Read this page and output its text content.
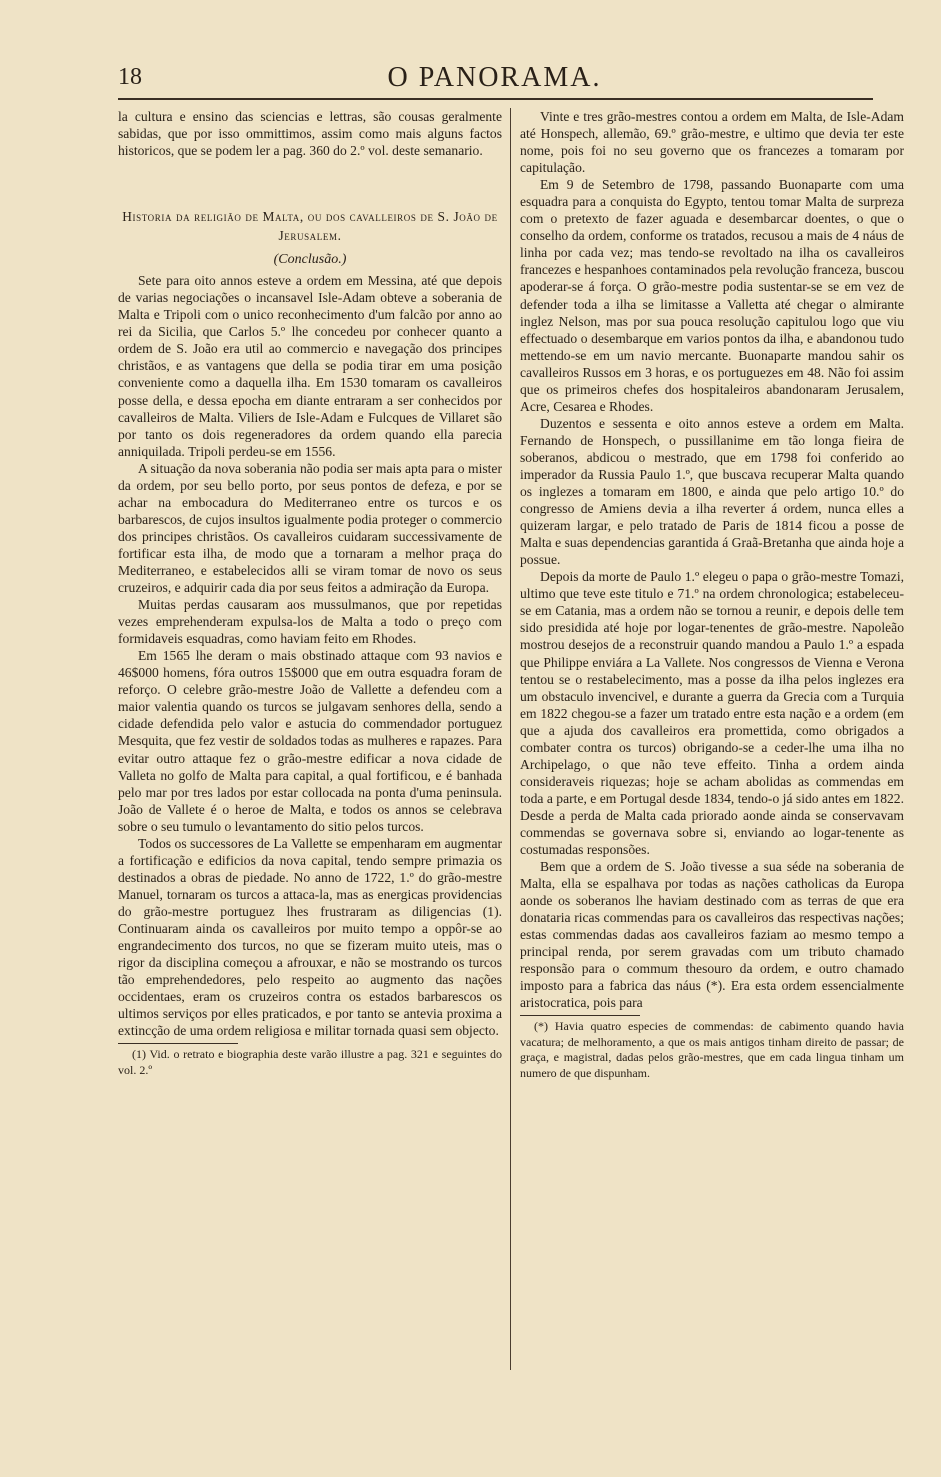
18	O PANORAMA.

la cultura e ensino das sciencias e lettras, são cousas geralmente sabidas, que por isso ommittimos, assim como mais alguns factos historicos, que se podem ler a pag. 360 do 2.º vol. deste semanario.

Historia da religião de Malta, ou dos cavalleiros de S. João de Jerusalem.

(Conclusão.)

Sete para oito annos esteve a ordem em Messina, até que depois de varias negociações o incansavel Isle-Adam obteve a soberania de Malta e Tripoli com o unico reconhecimento d'um falcão por anno ao rei da Sicilia, que Carlos 5.º lhe concedeu por conhecer quanto a ordem de S. João era util ao commercio e navegação dos principes christãos, e as vantagens que della se podia tirar em uma posição conveniente como a daquella ilha. Em 1530 tomaram os cavalleiros posse della, e dessa epocha em diante entraram a ser conhecidos por cavalleiros de Malta. Viliers de Isle-Adam e Fulcques de Villaret são por tanto os dois regeneradores da ordem quando ella parecia anniquilada. Tripoli perdeu-se em 1556.

A situação da nova soberania não podia ser mais apta para o mister da ordem, por seu bello porto, por seus pontos de defeza, e por se achar na embocadura do Mediterraneo entre os turcos e os barbarescos, de cujos insultos igualmente podia proteger o commercio dos principes christãos. Os cavalleiros cuidaram successivamente de fortificar esta ilha, de modo que a tornaram a melhor praça do Mediterraneo, e estabelecidos alli se viram tomar de novo os seus cruzeiros, e adquirir cada dia por seus feitos a admiração da Europa.

Muitas perdas causaram aos mussulmanos, que por repetidas vezes emprehenderam expulsa-los de Malta a todo o preço com formidaveis esquadras, como haviam feito em Rhodes.

Em 1565 lhe deram o mais obstinado attaque com 93 navios e 46$000 homens, fóra outros 15$000 que em outra esquadra foram de reforço. O celebre grão-mestre João de Vallette a defendeu com a maior valentia quando os turcos se julgavam senhores della, sendo a cidade defendida pelo valor e astucia do commendador portuguez Mesquita, que fez vestir de soldados todas as mulheres e rapazes. Para evitar outro attaque fez o grão-mestre edificar a nova cidade de Valleta no golfo de Malta para capital, a qual fortificou, e é banhada pelo mar por tres lados por estar collocada na ponta d'uma peninsula. João de Vallete é o heroe de Malta, e todos os annos se celebrava sobre o seu tumulo o levantamento do sitio pelos turcos.

Todos os successores de La Vallette se empenharam em augmentar a fortificação e edificios da nova capital, tendo sempre primazia os destinados a obras de piedade. No anno de 1722, 1.º do grão-mestre Manuel, tornaram os turcos a attaca-la, mas as energicas providencias do grão-mestre portuguez lhes frustraram as diligencias (1). Continuaram ainda os cavalleiros por muito tempo a oppôr-se ao engrandecimento dos turcos, no que se fizeram muito uteis, mas o rigor da disciplina começou a afrouxar, e não se mostrando os turcos tão emprehendedores, pelo respeito ao augmento das nações occidentaes, eram os cruzeiros contra os estados barbarescos os ultimos serviços por elles praticados, e por tanto se antevia proxima a extincção de uma ordem religiosa e militar tornada quasi sem objecto.

(1) Vid. o retrato e biographia deste varão illustre a pag. 321 e seguintes do vol. 2.º

Vinte e tres grão-mestres contou a ordem em Malta, de Isle-Adam até Honspech, allemão, 69.º grão-mestre, e ultimo que devia ter este nome, pois foi no seu governo que os francezes a tomaram por capitulação.

Em 9 de Setembro de 1798, passando Buonaparte com uma esquadra para a conquista do Egypto, tentou tomar Malta de surpreza com o pretexto de fazer aguada e desembarcar doentes, o que o conselho da ordem, conforme os tratados, recusou a mais de 4 náus de linha por cada vez; mas tendo-se revoltado na ilha os cavalleiros francezes e hespanhoes contaminados pela revolução franceza, buscou apoderar-se á força. O grão-mestre podia sustentar-se se em vez de defender toda a ilha se limitasse a Valletta até chegar o almirante inglez Nelson, mas por sua pouca resolução capitulou logo que viu effectuado o desembarque em varios pontos da ilha, e abandonou tudo mettendo-se em um navio mercante. Buonaparte mandou sahir os cavalleiros Russos em 3 horas, e os portuguezes em 48. Não foi assim que os primeiros chefes dos hospitaleiros abandonaram Jerusalem, Acre, Cesarea e Rhodes.

Duzentos e sessenta e oito annos esteve a ordem em Malta. Fernando de Honspech, o pussillanime em tão longa fieira de soberanos, abdicou o mestrado, que em 1798 foi conferido ao imperador da Russia Paulo 1.º, que buscava recuperar Malta quando os inglezes a tomaram em 1800, e ainda que pelo artigo 10.º do congresso de Amiens devia a ilha reverter á ordem, nunca elles a quizeram largar, e pelo tratado de Paris de 1814 ficou a posse de Malta e suas dependencias garantida á Graã-Bretanha que ainda hoje a possue.

Depois da morte de Paulo 1.º elegeu o papa o grão-mestre Tomazi, ultimo que teve este titulo e 71.º na ordem chronologica; estabeleceu-se em Catania, mas a ordem não se tornou a reunir, e depois delle tem sido presidida até hoje por logar-tenentes de grão-mestre. Napoleão mostrou desejos de a reconstruir quando mandou a Paulo 1.º a espada que Philippe enviára a La Vallete. Nos congressos de Vienna e Verona tentou se o restabelecimento, mas a posse da ilha pelos inglezes era um obstaculo invencivel, e durante a guerra da Grecia com a Turquia em 1822 chegou-se a fazer um tratado entre esta nação e a ordem (em que a ajuda dos cavalleiros era promettida, como obrigados a combater contra os turcos) obrigando-se a ceder-lhe uma ilha no Archipelago, o que não teve effeito. Tinha a ordem ainda consideraveis riquezas; hoje se acham abolidas as commendas em toda a parte, e em Portugal desde 1834, tendo-o já sido antes em 1822. Desde a perda de Malta cada priorado aonde ainda se conservavam commendas se governava sobre si, enviando ao logar-tenente as costumadas responsões.

Bem que a ordem de S. João tivesse a sua séde na soberania de Malta, ella se espalhava por todas as nações catholicas da Europa aonde os soberanos lhe haviam destinado com as terras de que era donataria ricas commendas para os cavalleiros das respectivas nações; estas commendas dadas aos cavalleiros faziam ao mesmo tempo a principal renda, por serem gravadas com um tributo chamado responsão para o commum thesouro da ordem, e outro chamado imposto para a fabrica das náus (*). Era esta ordem essencialmente aristocratica, pois para

(*) Havia quatro especies de commendas: de cabimento quando havia vacatura; de melhoramento, a que os mais antigos tinham direito de passar; de graça, e magistral, dadas pelos grão-mestres, que em cada lingua tinham um numero de que dispunham.
